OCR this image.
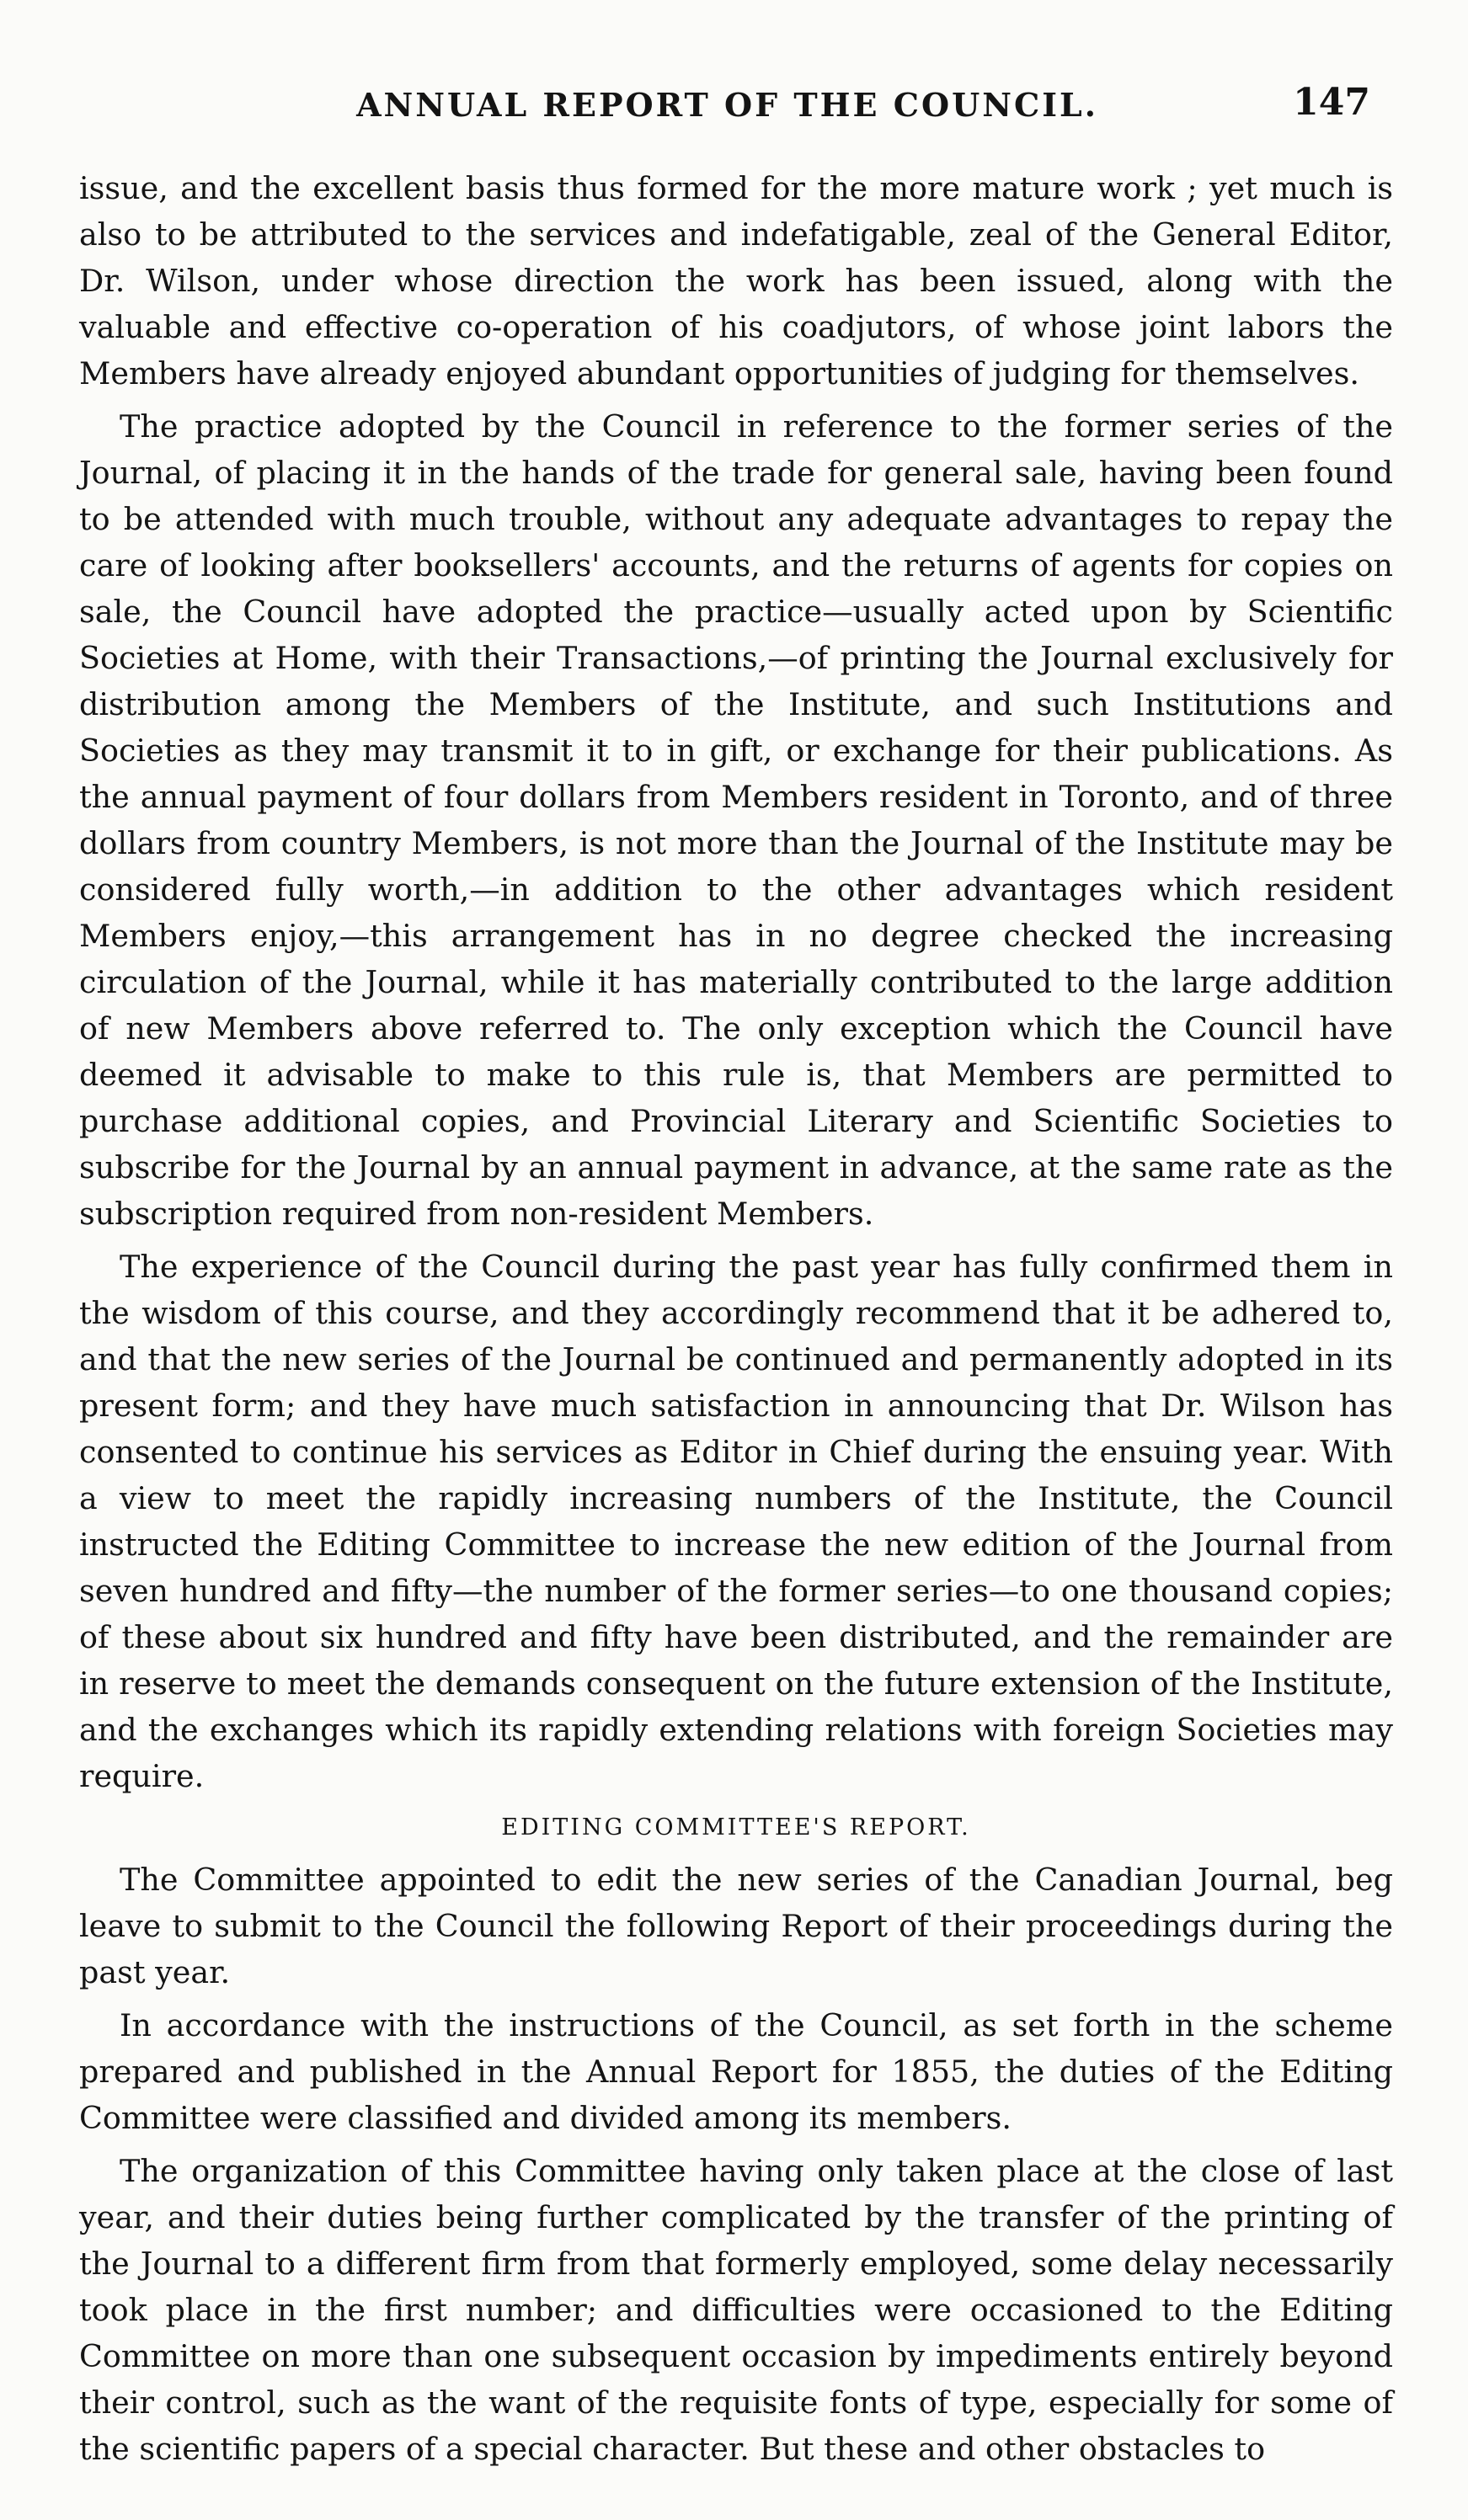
ANNUAL REPORT OF THE COUNCIL.	147

issue, and the excellent basis thus formed for the more mature work ; yet much is also to be attributed to the services and indefatigable, zeal of the General Editor, Dr. Wilson, under whose direction the work has been issued, along with the valuable and effective co-operation of his coadjutors, of whose joint labors the Members have already enjoyed abundant opportunities of judging for themselves.

The practice adopted by the Council in reference to the former series of the Journal, of placing it in the hands of the trade for general sale, having been found to be attended with much trouble, without any adequate advantages to repay the care of looking after booksellers' accounts, and the returns of agents for copies on sale, the Council have adopted the practice—usually acted upon by Scientific Societies at Home, with their Transactions,—of printing the Journal exclusively for distribution among the Members of the Institute, and such Institutions and Societies as they may transmit it to in gift, or exchange for their publications. As the annual payment of four dollars from Members resident in Toronto, and of three dollars from country Members, is not more than the Journal of the Institute may be considered fully worth,—in addition to the other advantages which resident Members enjoy,—this arrangement has in no degree checked the increasing circulation of the Journal, while it has materially contributed to the large addition of new Members above referred to. The only exception which the Council have deemed it advisable to make to this rule is, that Members are permitted to purchase additional copies, and Provincial Literary and Scientific Societies to subscribe for the Journal by an annual payment in advance, at the same rate as the subscription required from non-resident Members.

The experience of the Council during the past year has fully confirmed them in the wisdom of this course, and they accordingly recommend that it be adhered to, and that the new series of the Journal be continued and permanently adopted in its present form; and they have much satisfaction in announcing that Dr. Wilson has consented to continue his services as Editor in Chief during the ensuing year. With a view to meet the rapidly increasing numbers of the Institute, the Council instructed the Editing Committee to increase the new edition of the Journal from seven hundred and fifty—the number of the former series—to one thousand copies; of these about six hundred and fifty have been distributed, and the remainder are in reserve to meet the demands consequent on the future extension of the Institute, and the exchanges which its rapidly extending relations with foreign Societies may require.

EDITING COMMITTEE'S REPORT.

The Committee appointed to edit the new series of the Canadian Journal, beg leave to submit to the Council the following Report of their proceedings during the past year.

In accordance with the instructions of the Council, as set forth in the scheme prepared and published in the Annual Report for 1855, the duties of the Editing Committee were classified and divided among its members.

The organization of this Committee having only taken place at the close of last year, and their duties being further complicated by the transfer of the printing of the Journal to a different firm from that formerly employed, some delay necessarily took place in the first number; and difficulties were occasioned to the Editing Committee on more than one subsequent occasion by impediments entirely beyond their control, such as the want of the requisite fonts of type, especially for some of the scientific papers of a special character. But these and other obstacles to
